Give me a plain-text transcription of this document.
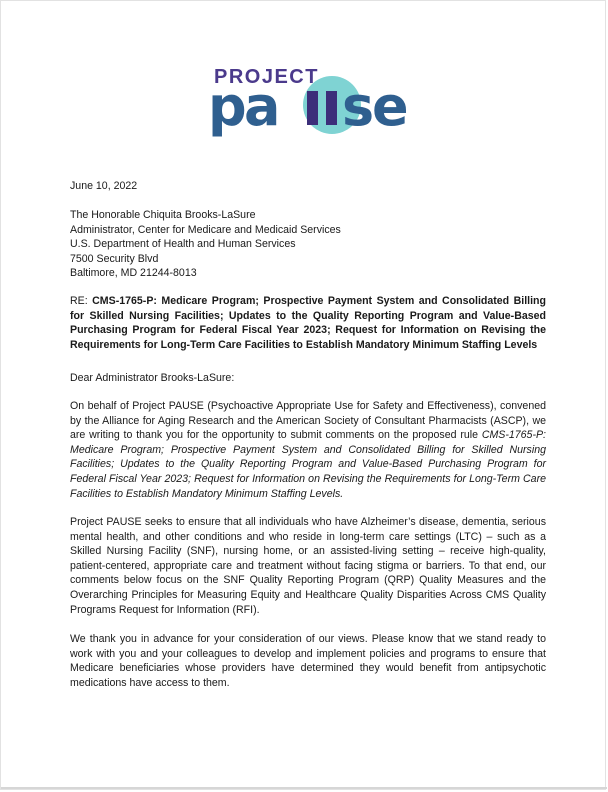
PROJECT
p
a s
e
June 10, 2022
The Honorable Chiquita Brooks-LaSure
Administrator, Center for Medicare and Medicaid Services
U.S. Department of Health and Human Services
7500 Security Blvd
Baltimore, MD 21244-8013
RE: CMS-1765-P: Medicare Program; Prospective Payment System and Consolidated Billing for Skilled Nursing Facilities; Updates to the Quality Reporting Program and Value-Based Purchasing Program for Federal Fiscal Year 2023; Request for Information on Revising the Requirements for Long-Term Care Facilities to Establish Mandatory Minimum Staffing Levels
Dear Administrator Brooks-LaSure:
On behalf of Project PAUSE (Psychoactive Appropriate Use for Safety and Effectiveness), convened by the Alliance for Aging Research and the American Society of Consultant Pharmacists (ASCP), we are writing to thank you for the opportunity to submit comments on the proposed rule CMS-1765-P: Medicare Program; Prospective Payment System and Consolidated Billing for Skilled Nursing Facilities; Updates to the Quality Reporting Program and Value-Based Purchasing Program for Federal Fiscal Year 2023; Request for Information on Revising the Requirements for Long-Term Care Facilities to Establish Mandatory Minimum Staffing Levels.
Project PAUSE seeks to ensure that all individuals who have Alzheimer’s disease, dementia, serious mental health, and other conditions and who reside in long-term care settings (LTC) – such as a Skilled Nursing Facility (SNF), nursing home, or an assisted-living setting – receive high-quality, patient-centered, appropriate care and treatment without facing stigma or barriers. To that end, our comments below focus on the SNF Quality Reporting Program (QRP) Quality Measures and the Overarching Principles for Measuring Equity and Healthcare Quality Disparities Across CMS Quality Programs Request for Information (RFI).
We thank you in advance for your consideration of our views. Please know that we stand ready to work with you and your colleagues to develop and implement policies and programs to ensure that Medicare beneficiaries whose providers have determined they would benefit from antipsychotic medications have access to them.
